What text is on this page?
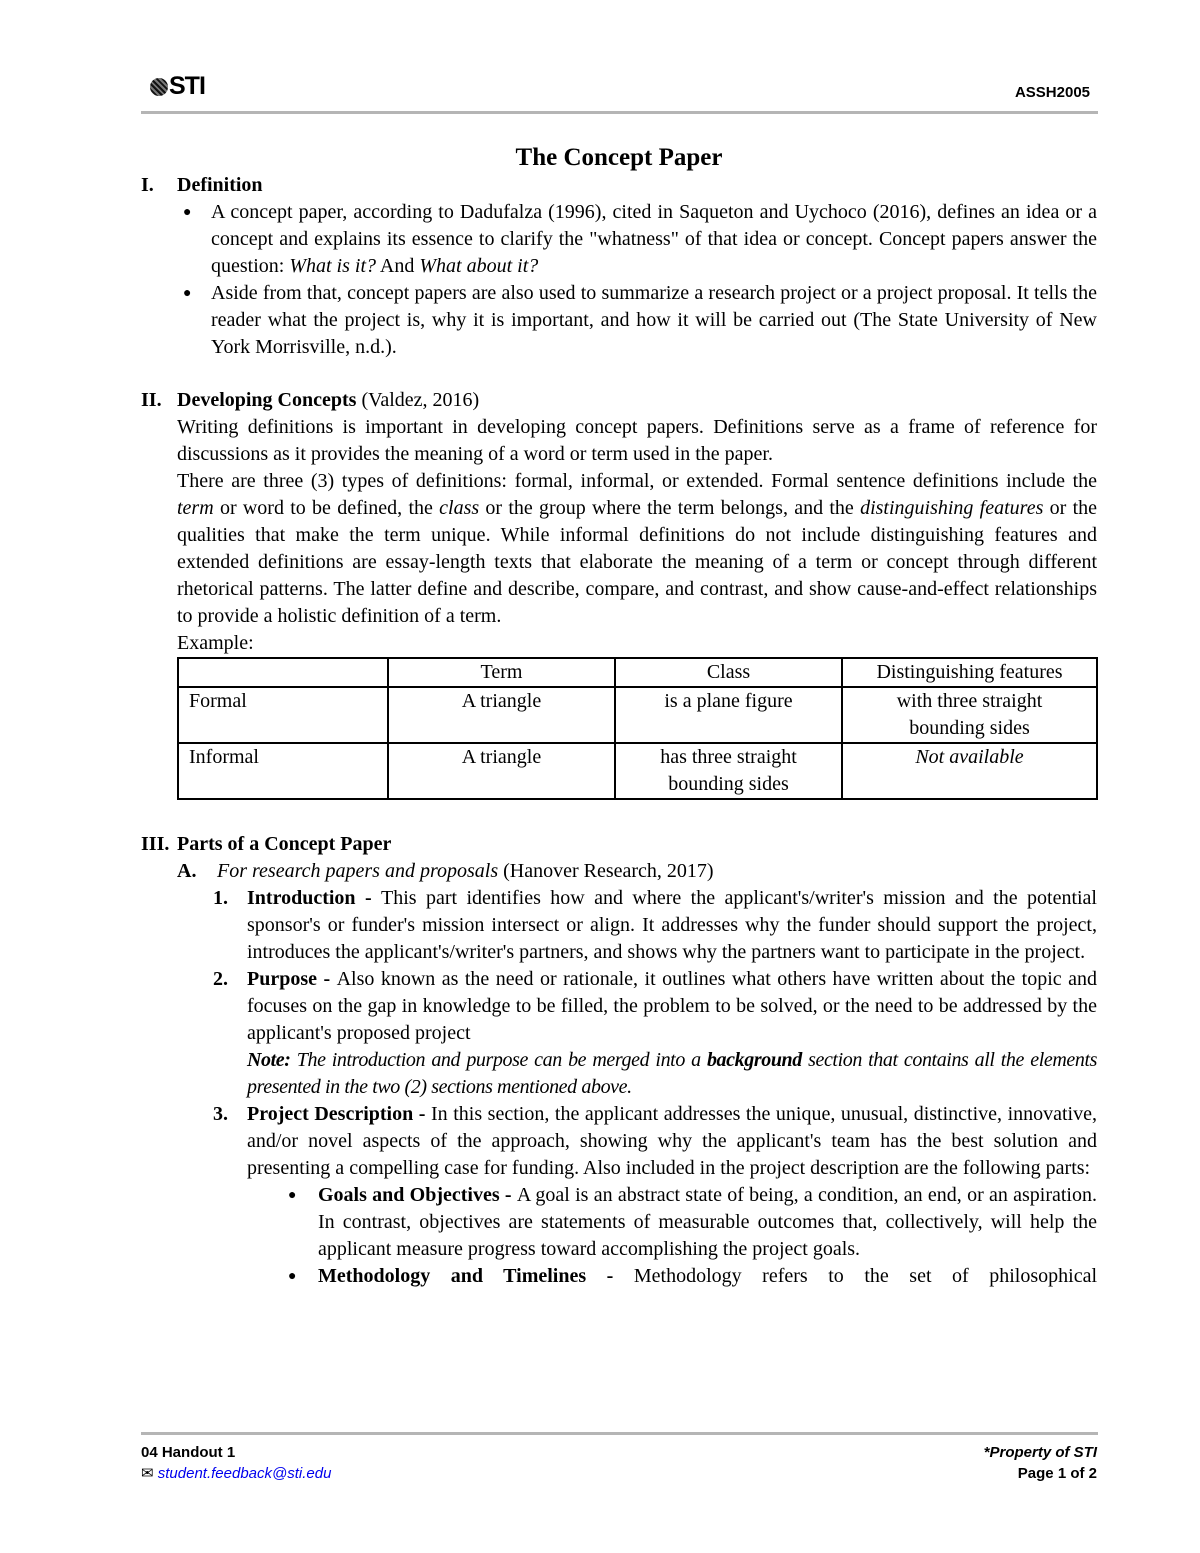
STI	ASSH2005
The Concept Paper
I.	Definition
● A concept paper, according to Dadufalza (1996), cited in Saqueton and Uychoco (2016), defines an idea or a concept and explains its essence to clarify the "whatness" of that idea or concept. Concept papers answer the question: What is it? And What about it?
● Aside from that, concept papers are also used to summarize a research project or a project proposal. It tells the reader what the project is, why it is important, and how it will be carried out (The State University of New York Morrisville, n.d.).
II. Developing Concepts (Valdez, 2016)

Writing definitions is important in developing concept papers. Definitions serve as a frame of reference for discussions as it provides the meaning of a word or term used in the paper.

There are three (3) types of definitions: formal, informal, or extended. Formal sentence definitions include the term or word to be defined, the class or the group where the term belongs, and the distinguishing features or the qualities that make the term unique. While informal definitions do not include distinguishing features and extended definitions are essay-length texts that elaborate the meaning of a term or concept through different rhetorical patterns. The latter define and describe, compare, and contrast, and show cause-and-effect relationships to provide a holistic definition of a term.

Example:

	Term	Class	Distinguishing features
Formal	A triangle	is a plane figure	with three straight bounding sides
Informal	A triangle	has three straight bounding sides	Not available
III. Parts of a Concept Paper
A.	For research papers and proposals (Hanover Research, 2017)
1. Introduction - This part identifies how and where the applicant's/writer's mission and the potential sponsor's or funder's mission intersect or align. It addresses why the funder should support the project, introduces the applicant's/writer's partners, and shows why the partners want to participate in the project.
2. Purpose - Also known as the need or rationale, it outlines what others have written about the topic and focuses on the gap in knowledge to be filled, the problem to be solved, or the need to be addressed by the applicant's proposed project
Note: The introduction and purpose can be merged into a background section that contains all the elements presented in the two (2) sections mentioned above.
3. Project Description - In this section, the applicant addresses the unique, unusual, distinctive, innovative, and/or novel aspects of the approach, showing why the applicant's team has the best solution and presenting a compelling case for funding. Also included in the project description are the following parts:
●	Goals and Objectives - A goal is an abstract state of being, a condition, an end, or an aspiration. In contrast, objectives are statements of measurable outcomes that, collectively, will help the applicant measure progress toward accomplishing the project goals.
●	Methodology and Timelines - Methodology refers to the set of philosophical
04 Handout 1
✉ student.feedback@sti.edu
*Property of STI
Page 1 of 2
